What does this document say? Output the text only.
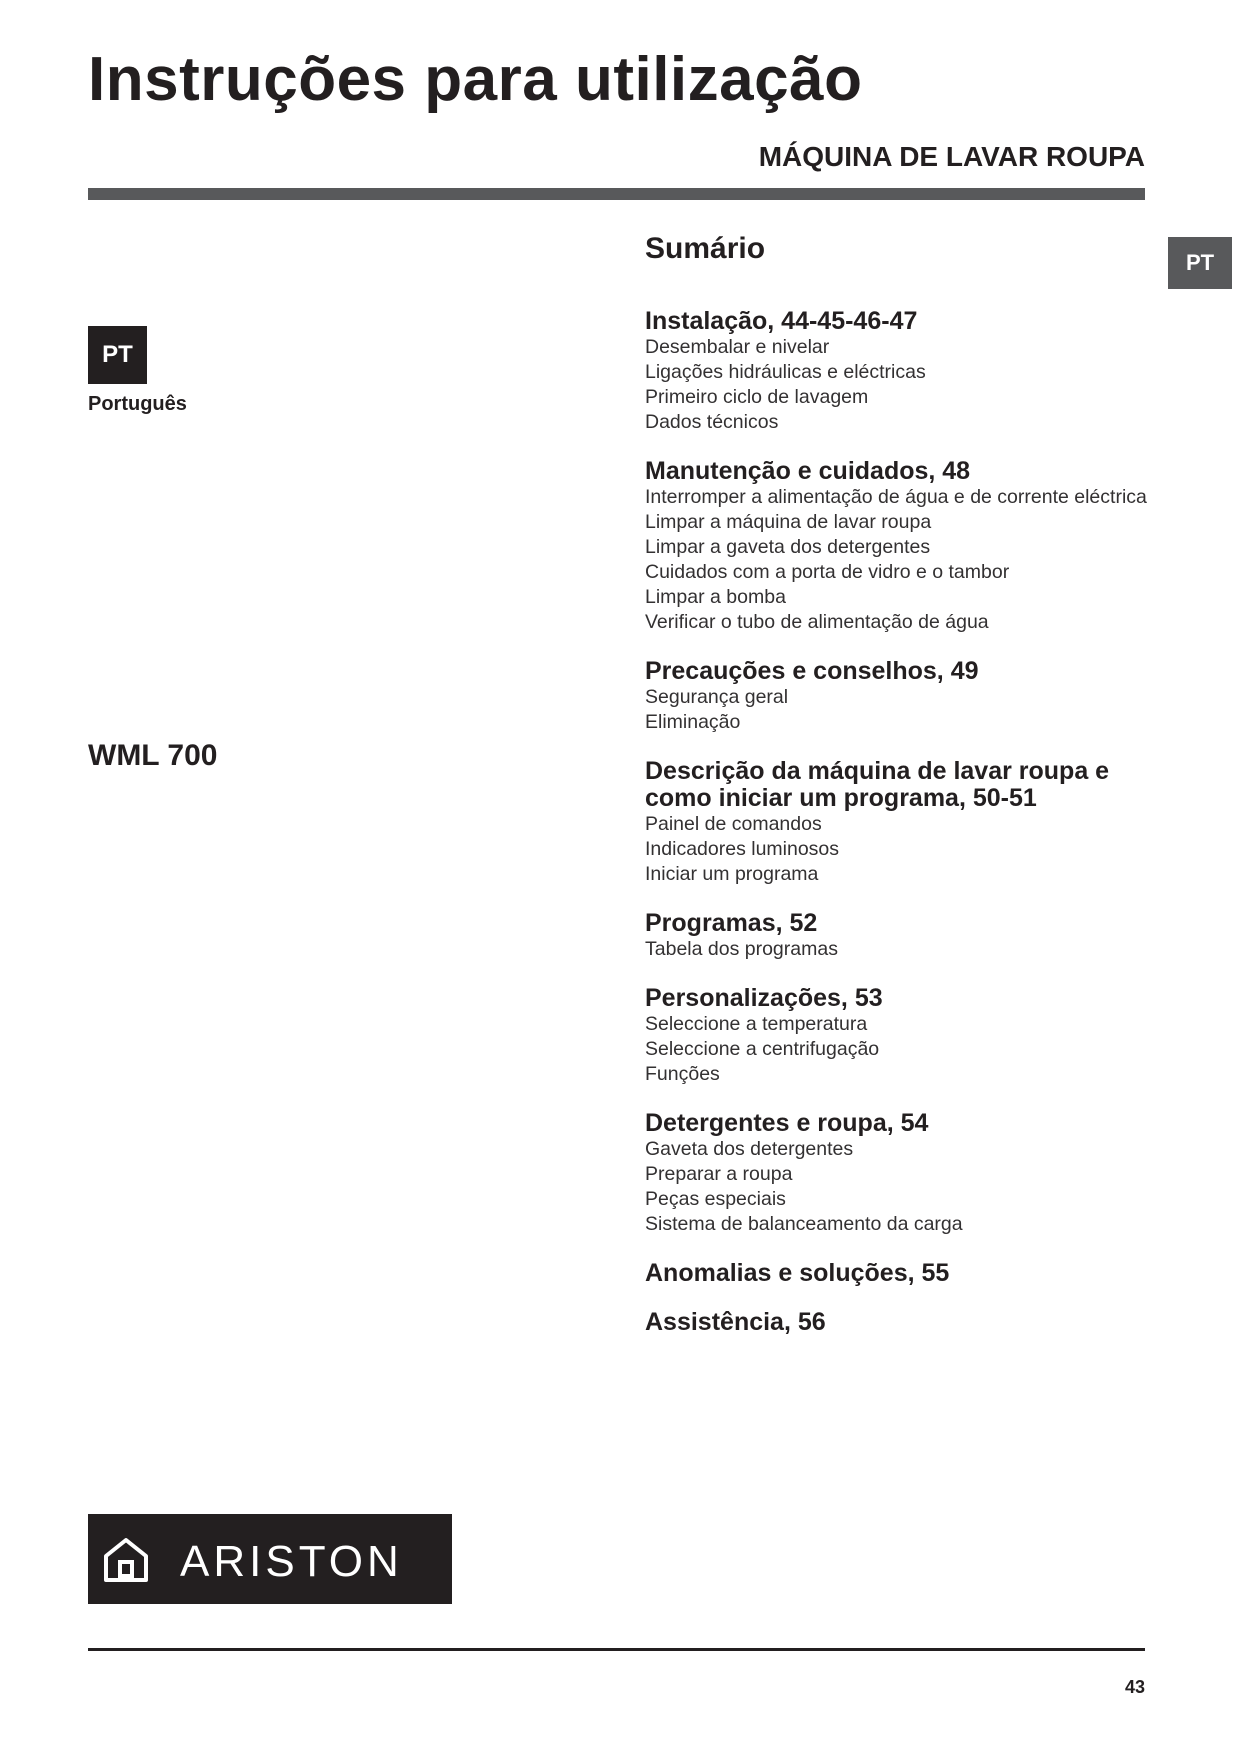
Instruções para utilização
MÁQUINA DE LAVAR ROUPA
PT
PT
Português
WML 700
Sumário
Instalação, 44-45-46-47
Desembalar e nivelar
Ligações hidráulicas e eléctricas
Primeiro ciclo de lavagem
Dados técnicos
Manutenção e cuidados, 48
Interromper a alimentação de água e de corrente eléctrica
Limpar a máquina de lavar roupa
Limpar a gaveta dos detergentes
Cuidados com a porta de vidro e o tambor
Limpar a bomba
Verificar o tubo de alimentação de água
Precauções e conselhos, 49
Segurança geral
Eliminação
Descrição da máquina de lavar roupa e
como iniciar um programa, 50-51
Painel de comandos
Indicadores luminosos
Iniciar um programa
Programas, 52
Tabela dos programas
Personalizações, 53
Seleccione a temperatura
Seleccione a centrifugação
Funções
Detergentes e roupa, 54
Gaveta dos detergentes
Preparar a roupa
Peças especiais
Sistema de balanceamento da carga
Anomalias e soluções, 55
Assistência, 56
ARISTON
43
